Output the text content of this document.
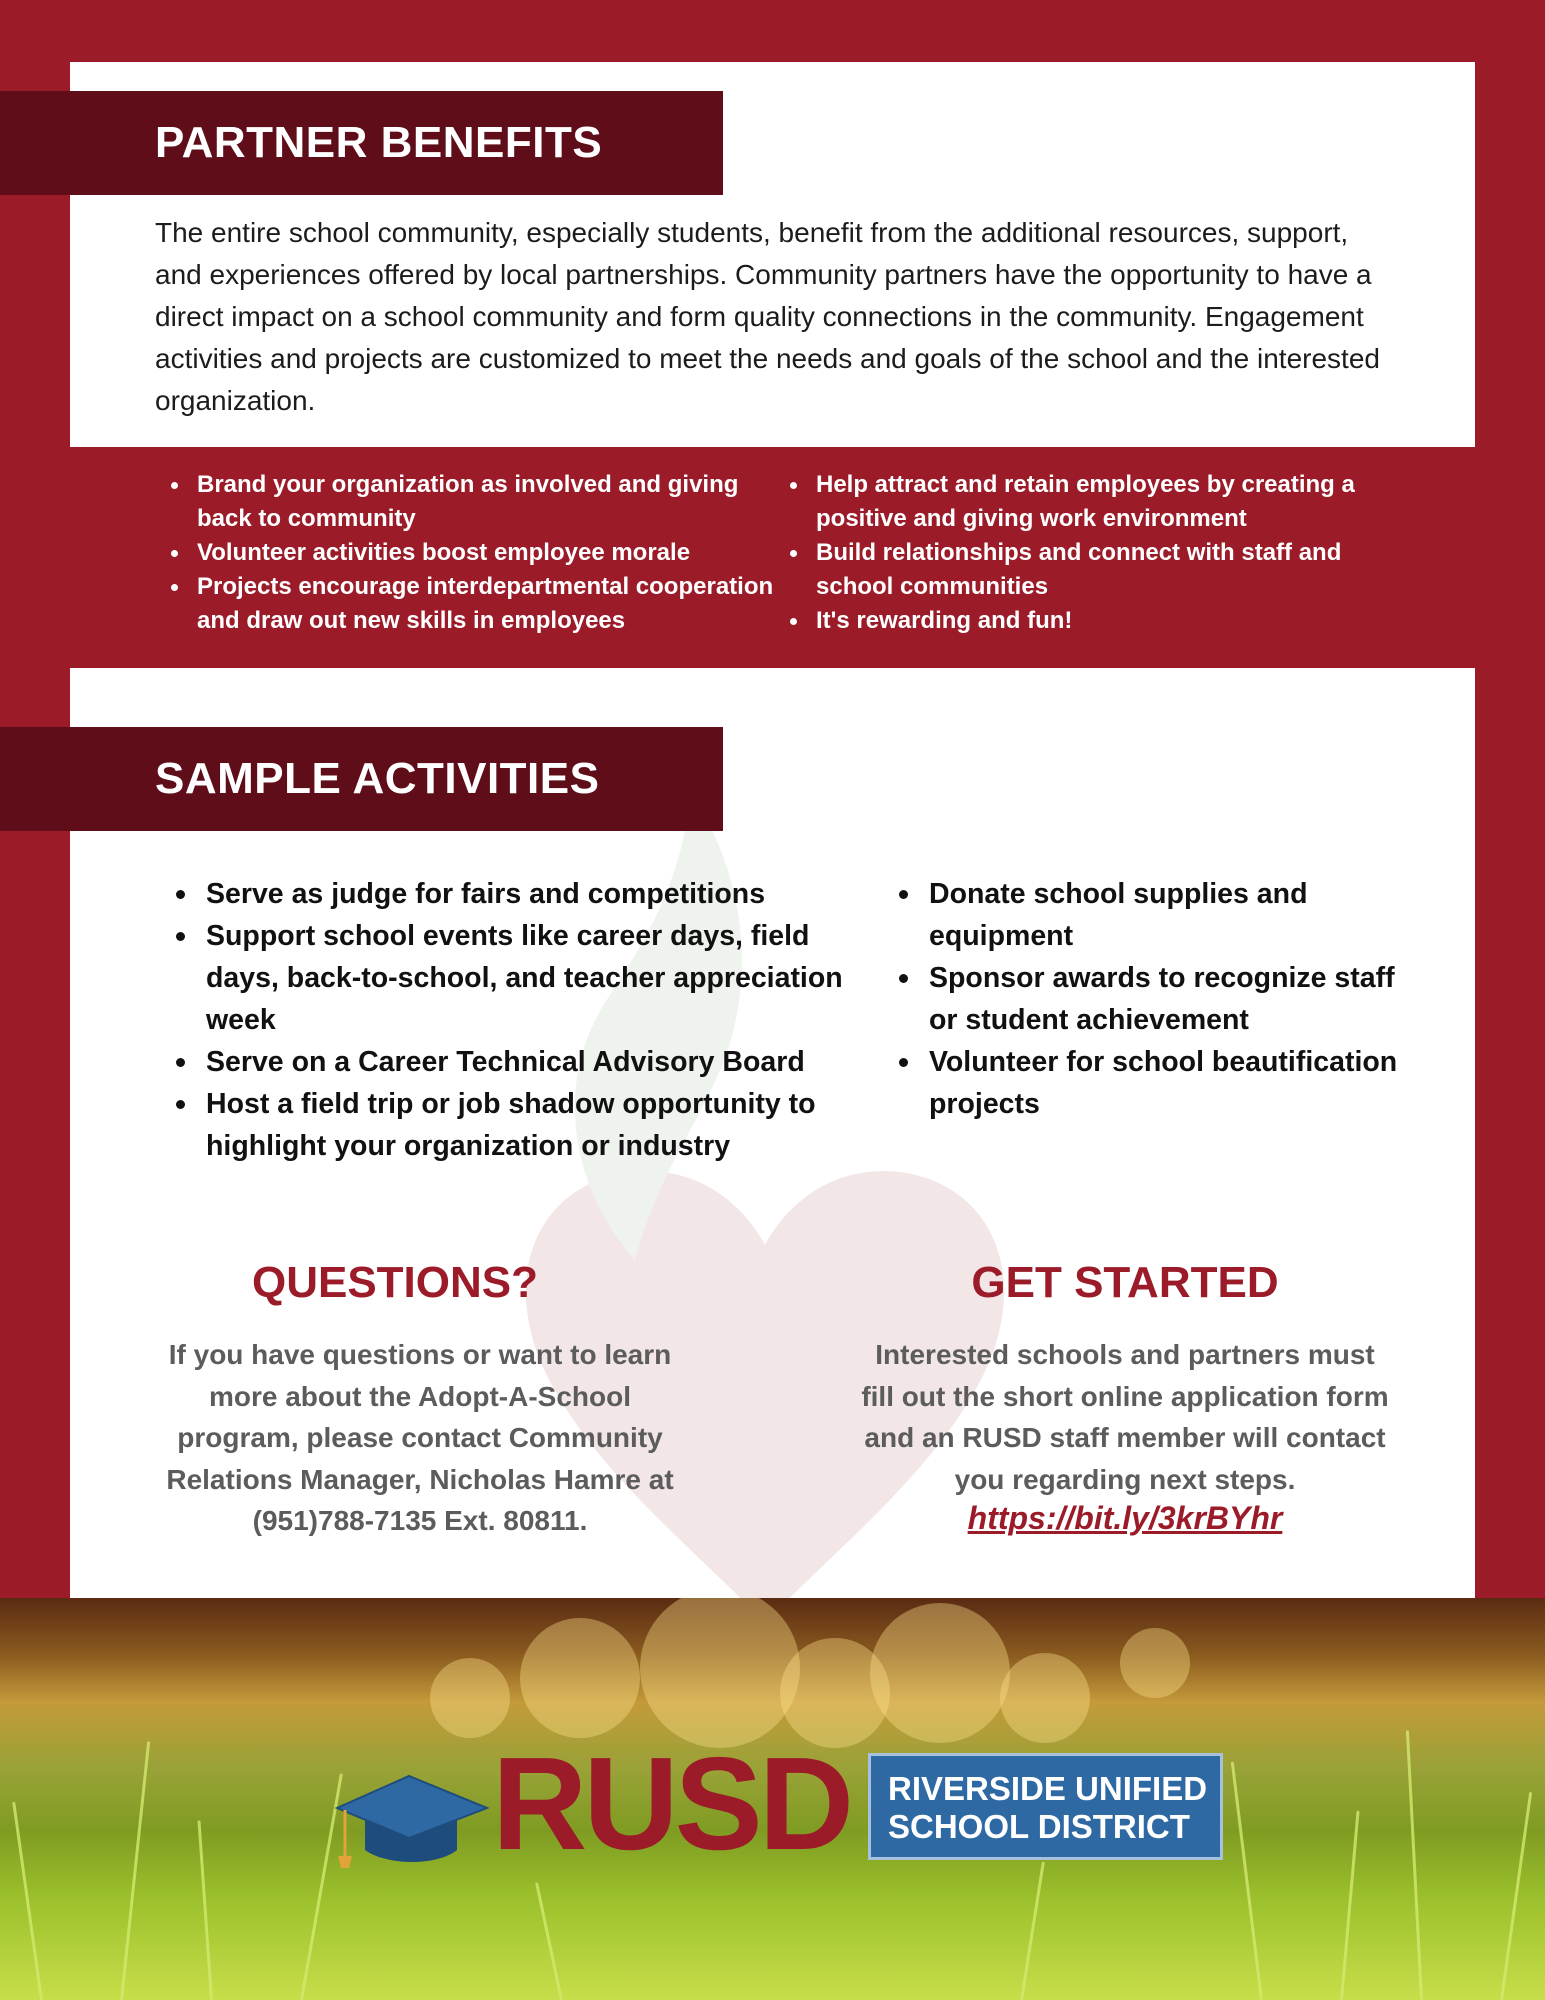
PARTNER BENEFITS
SAMPLE ACTIVITIES

The entire school community, especially students, benefit from the additional resources, support, and experiences offered by local partnerships. Community partners have the opportunity to have a direct impact on a school community and form quality connections in the community. Engagement activities and projects are customized to meet the needs and goals of the school and the interested organization.

Brand your organization as involved and giving back to community
Volunteer activities boost employee morale
Projects encourage interdepartmental cooperation and draw out new skills in employees
Help attract and retain employees by creating a positive and giving work environment
Build relationships and connect with staff and school communities
It's rewarding and fun!
Serve as judge for fairs and competitions
Support school events like career days, field days, back-to-school, and teacher appreciation week
Serve on a Career Technical Advisory Board
Host a field trip or job shadow opportunity to highlight your organization or industry
Donate school supplies and equipment
Sponsor awards to recognize staff or student achievement
Volunteer for school beautification projects
QUESTIONS?

If you have questions or want to learn more about the Adopt-A-School program, please contact Community Relations Manager, Nicholas Hamre at (951)788-7135 Ext. 80811.

GET STARTED

Interested schools and partners must fill out the short online application form and an RUSD staff member will contact you regarding next steps.

https://bit.ly/3krBYhr
RUSD RIVERSIDE UNIFIED
SCHOOL DISTRICT
